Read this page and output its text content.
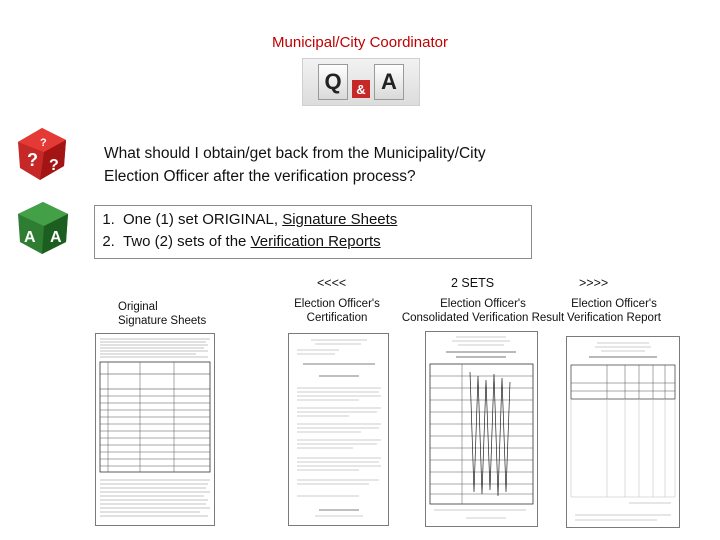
Municipal/City Coordinator
Q	& A
? ?
?
What should I obtain/get back from the Municipality/City
Election Officer after the verification process?
A A
1. One (1) set ORIGINAL, Signature Sheets
2. Two (2) sets of the Verification Reports
<<<<	2 SETS	>>>>
Original
Signature Sheets
Election Officer's
Certification
Election Officer's
Consolidated Verification Result
Election Officer's
Verification Report
